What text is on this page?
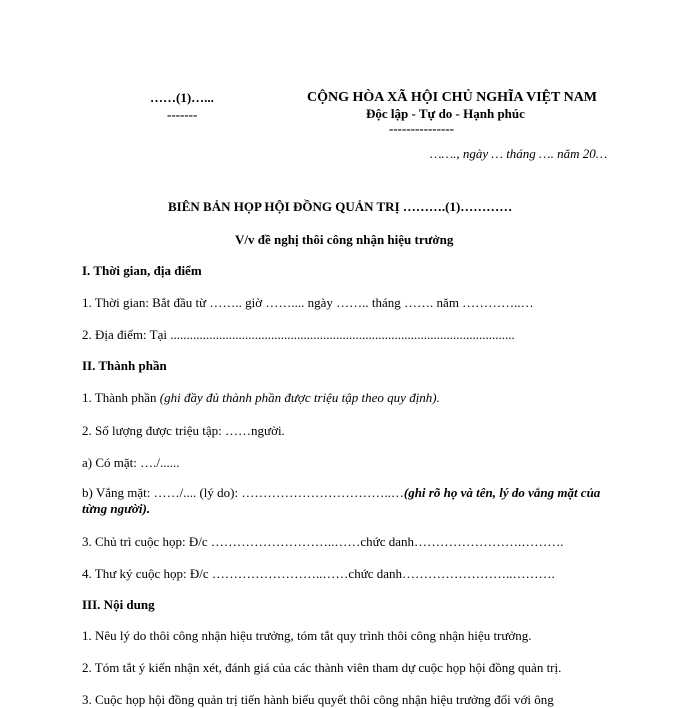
……(1)…...
-------
CỘNG HÒA XÃ HỘI CHỦ NGHĨA VIỆT NAM
Độc lập - Tự do - Hạnh phúc
---------------
……., ngày … tháng …. năm 20…
BIÊN BẢN HỌP HỘI ĐỒNG QUẢN TRỊ ……….(1)…………
V/v đề nghị thôi công nhận hiệu trưởng
I. Thời gian, địa điểm
1. Thời gian: Bắt đầu từ …….. giờ …….... ngày …….. tháng ……. năm …………..…
2. Địa điểm: Tại ..........................................................................................................
II. Thành phần
1. Thành phần (ghi đầy đủ thành phần được triệu tập theo quy định).
2. Số lượng được triệu tập: ……người.
a) Có mặt: …./......
b) Vắng mặt: ……/.... (lý do): ……………………………..…(ghi rõ họ và tên, lý do vắng mặt của từng người).
3. Chủ trì cuộc họp: Đ/c ………………………..……chức danh…………………….……….
4. Thư ký cuộc họp: Đ/c ……………………..……chức danh……………………..……….
III. Nội dung
1. Nêu lý do thôi công nhận hiệu trưởng, tóm tắt quy trình thôi công nhận hiệu trưởng.
2. Tóm tắt ý kiến nhận xét, đánh giá của các thành viên tham dự cuộc họp hội đồng quản trị.
3. Cuộc họp hội đồng quản trị tiến hành biểu quyết thôi công nhận hiệu trưởng đối với ông
